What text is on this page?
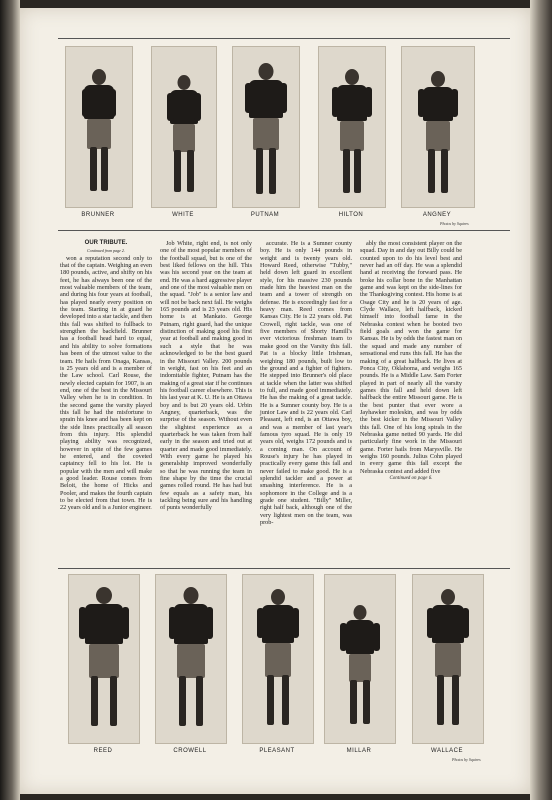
BRUNNER	WHITE	PUTNAM	HILTON	ANGNEY
Photos by Squires

OUR TRIBUTE.

Continued from page 2.

won a reputation second only to that of the captain. Weighing an even 180 pounds, active, and shifty on his feet, he has always been one of the most valuable members of the team, and during his four years at football, has played nearly every position on the team. Starting in at guard he developed into a star tackle, and then this fall was shifted to fullback to strengthen the backfield. Brunner has a football head hard to equal, and his ability to solve formations has been of the utmost value to the team. He hails from Onaga, Kansas, is 25 years old and is a member of the Law school. Carl Rouse, the newly elected captain for 1907, is an end, one of the best in the Missouri Valley when he is in condition. In the second game the varsity played this fall he had the misfortune to sprain his knee and has been kept on the side lines practically all season from this injury. His splendid playing ability was recognized, however in spite of the few games he entered, and the coveted captaincy fell to his lot. He is popular with the men and will make a good leader. Rouse comes from Beloit, the home of Hicks and Pooler, and makes the fourth captain to be elected from that town. He is 22 years old and is a Junior engineer.

Job White, right end, is not only one of the most popular members of the football squad, but is one of the best liked fellows on the hill. This was his second year on the team at end. He was a hard aggressive player and one of the most valuable men on the squad. "Job" is a senior law and will not be back next fall. He weighs 165 pounds and is 23 years old. His home is at Mankato. George Putnam, right guard, had the unique distinction of making good his first year at football and making good in such a style that he was acknowledged to be the best guard in the Missouri Valley. 200 pounds in weight, fast on his feet and an indomitable fighter, Putnam has the making of a great star if he continues his football career elsewhere. This is his last year at K. U. He is an Ottawa boy and is but 20 years old. Urbin Angney, quarterback, was the surprise of the season. Without even the slightest experience as a quarterback he was taken from half early in the season and tried out at quarter and made good immediately. With every game he played his generalship improved wonderfully so that he was running the team in fine shape by the time the crucial games rolled round. He has had but few equals as a safety man, his tackling being sure and his handling of punts wonderfully

accurate. He is a Sumner county boy. He is only 144 pounds in weight and is twenty years old. Howard Reed, otherwise "Tubby," held down left guard in excellent style, for his massive 230 pounds made him the heaviest man on the team and a tower of strength on defense. He is exceedingly fast for a heavy man. Reed comes from Kansas City. He is 22 years old. Pat Crowell, right tackle, was one of five members of Shorty Hamill's ever victorious freshman team to make good on the Varsity this fall. Pat is a blocky little Irishman, weighing 180 pounds, built low to the ground and a fighter of fighters. He stepped into Brunner's old place at tackle when the latter was shifted to full, and made good immediately. He has the making of a great tackle. He is a Sumner county boy. He is a junior Law and is 22 years old. Carl Pleasant, left end, is an Ottawa boy, and was a member of last year's famous tyro squad. He is only 19 years old, weighs 172 pounds and is a coming man. On account of Rouse's injury he has played in practically every game this fall and never failed to make good. He is a splendid tackler and a power at smashing interference. He is a sophomore in the College and is a grade one student. "Billy" Miller, right half back, although one of the very lightest men on the team, was prob-

ably the most consistent player on the squad. Day in and day out Billy could be counted upon to do his level best and never had an off day. He was a splendid hand at receiving the forward pass. He broke his collar bone in the Manhattan game and was kept on the side-lines for the Thanksgiving contest. His home is at Osage City and he is 20 years of age. Clyde Wallace, left halfback, kicked himself into football fame in the Nebraska contest when he booted two field goals and won the game for Kansas. He is by odds the fastest man on the squad and made any number of sensational end runs this fall. He has the making of a great halfback. He lives at Ponca City, Oklahoma, and weighs 165 pounds. He is a Middle Law. Sam Forter played in part of nearly all the varsity games this fall and held down left halfback the entire Missouri game. He is the best punter that ever wore a Jayhawker moleskin, and was by odds the best kicker in the Missouri Valley this fall. One of his long spirals in the Nebraska game netted 90 yards. He did particularly fine work in the Missouri game. Forter hails from Marysville. He weighs 160 pounds. Julius Cohn played in every game this fall except the Nebraska contest and added five

Continued on page 6.

REED	CROWELL	PLEASANT	MILLAR	WALLACE
Photos by Squires
